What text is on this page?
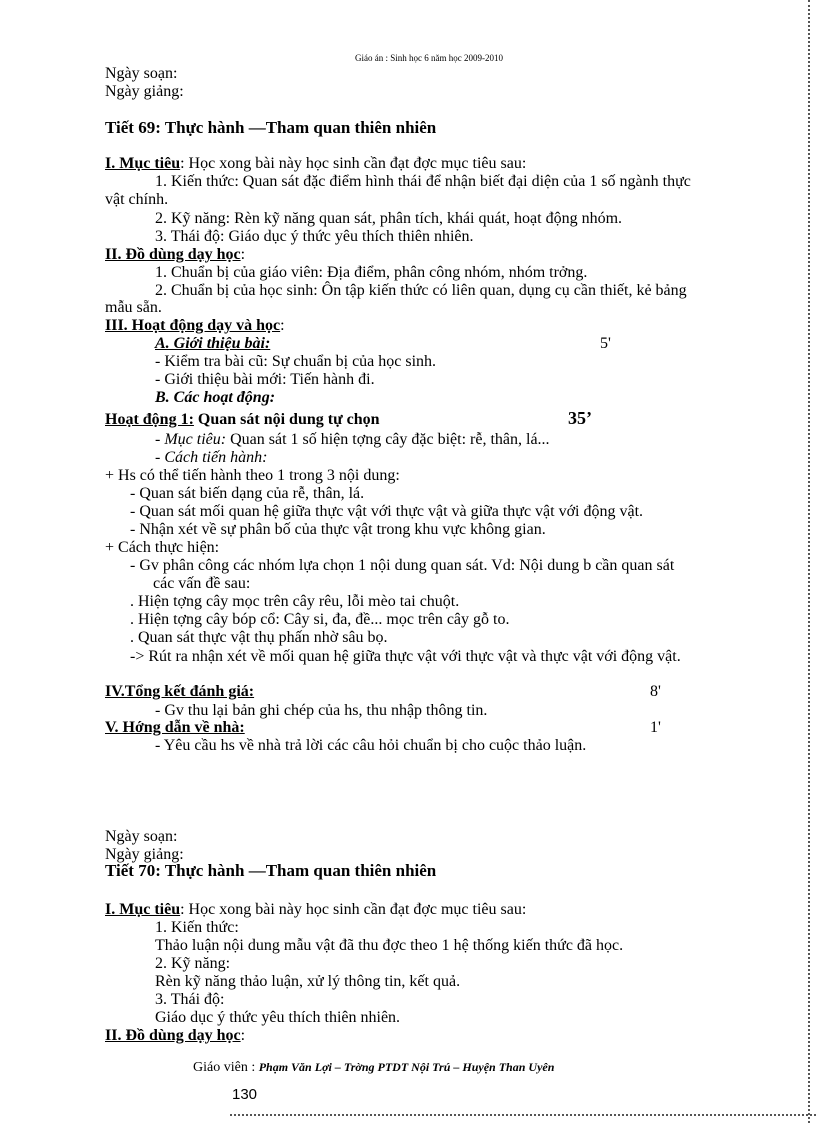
Giáo án : Sinh học 6 năm học 2009-2010
Ngày soạn:
Ngày giảng:
Tiết 69: Thực hành —Tham quan thiên nhiên
I. Mục tiêu: Học xong bài này học sinh cần đạt đợc mục tiêu sau:
1. Kiến thức: Quan sát đặc điểm hình thái để nhận biết đại diện của 1 số ngành thực
vật chính.
2. Kỹ năng: Rèn kỹ năng quan sát, phân tích, khái quát, hoạt động nhóm.
3. Thái độ: Giáo dục ý thức yêu thích thiên nhiên.
II. Đồ dùng dạy học:
1. Chuẩn bị của giáo viên: Địa điểm, phân công nhóm, nhóm trởng.
2. Chuẩn bị của học sinh: Ôn tập kiến thức có liên quan, dụng cụ cần thiết, kẻ bảng
mẫu sẵn.
III. Hoạt động dạy và học:
A. Giới thiệu bài:	5'
- Kiểm tra bài cũ: Sự chuẩn bị của học sinh.
- Giới thiệu bài mới: Tiến hành đi.
B. Các hoạt động:
Hoạt động 1: Quan sát nội dung tự chọn	35’
- Mục tiêu: Quan sát 1 số hiện tợng cây đặc biệt: rễ, thân, lá...
- Cách tiến hành:
+ Hs có thể tiến hành theo 1 trong 3 nội dung:
- Quan sát biến dạng của rễ, thân, lá.
- Quan sát mối quan hệ giữa thực vật với thực vật và giữa thực vật với động vật.
- Nhận xét về sự phân bố của thực vật trong khu vực không gian.
+ Cách thực hiện:
- Gv phân công các nhóm lựa chọn 1 nội dung quan sát. Vd: Nội dung b cần quan sát
các vấn đề sau:
. Hiện tợng cây mọc trên cây rêu, lỗi mèo tai chuột.
. Hiện tợng cây bóp cổ: Cây si, đa, đề... mọc trên cây gỗ to.
. Quan sát thực vật thụ phấn nhờ sâu bọ.
-> Rút ra nhận xét về mối quan hệ giữa thực vật với thực vật và thực vật với động vật.
IV.Tổng kết đánh giá:	8'
- Gv thu lại bản ghi chép của hs, thu nhập thông tin.
V. Hớng dẫn về nhà:	1'
- Yêu cầu hs về nhà trả lời các câu hỏi chuẩn bị cho cuộc thảo luận.
Ngày soạn:
Ngày giảng:
Tiết 70: Thực hành —Tham quan thiên nhiên
I. Mục tiêu: Học xong bài này học sinh cần đạt đợc mục tiêu sau:
1. Kiến thức:
Thảo luận nội dung mẫu vật đã thu đợc theo 1 hệ thống kiến thức đã học.
2. Kỹ năng:
Rèn kỹ năng thảo luận, xử lý thông tin, kết quả.
3. Thái độ:
Giáo dục ý thức yêu thích thiên nhiên.
II. Đồ dùng dạy học:
Giáo viên : Phạm Văn Lợi – Trờng PTDT Nội Trú – Huyện Than Uyên
130
